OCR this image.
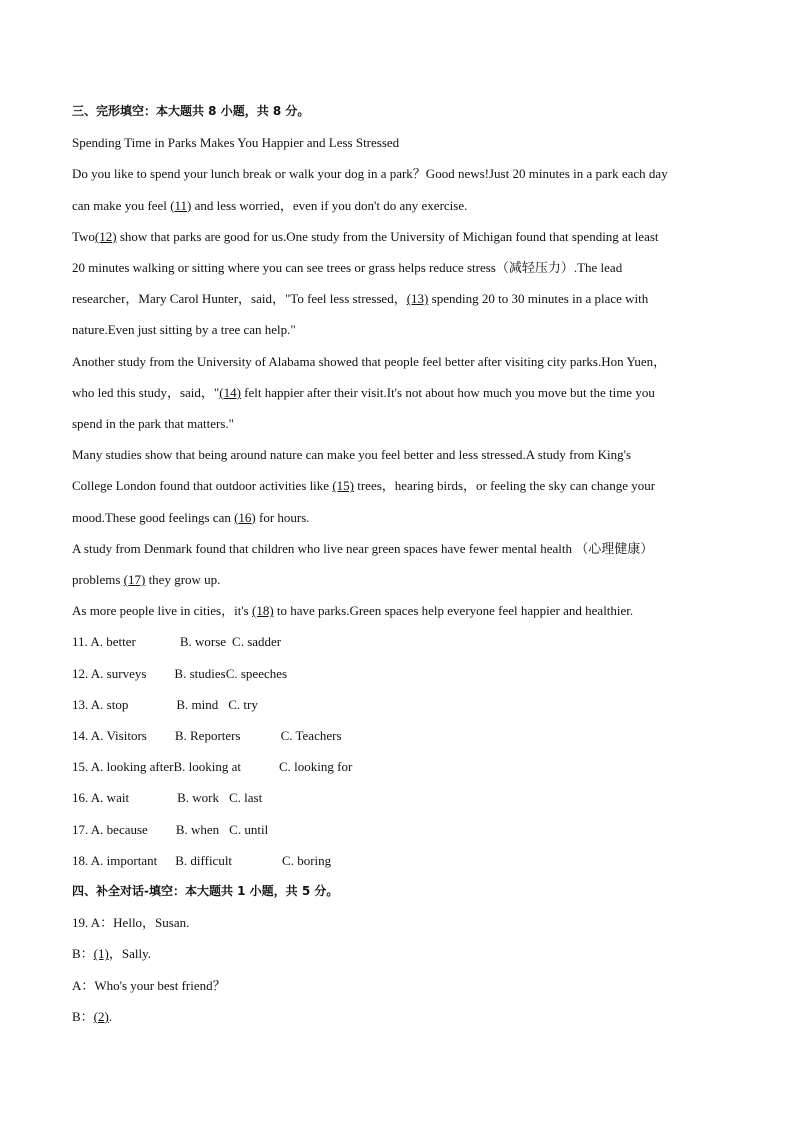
三、完形填空：本大题共 8 小题，共 8 分。
Spending Time in Parks Makes You Happier and Less Stressed
Do you like to spend your lunch break or walk your dog in a park？Good news!Just 20 minutes in a park each day
can make you feel (11) and less worried，even if you don't do any exercise.
Two(12) show that parks are good for us.One study from the University of Michigan found that spending at least
20 minutes walking or sitting where you can see trees or grass helps reduce stress（减轻压力）.The lead
researcher，Mary Carol Hunter，said，"To feel less stressed，(13) spending 20 to 30 minutes in a place with
nature.Even just sitting by a tree can help."
Another study from the University of Alabama showed that people feel better after visiting city parks.Hon Yuen，
who led this study，said，"(14) felt happier after their visit.It's not about how much you move but the time you
spend in the park that matters."
Many studies show that being around nature can make you feel better and less stressed.A study from King's
College London found that outdoor activities like (15) trees，hearing birds，or feeling the sky can change your
mood.These good feelings can (16) for hours.
A study from Denmark found that children who live near green spaces have fewer mental health （心理健康）
problems (17) they grow up.
As more people live in cities，it's (18) to have parks.Green spaces help everyone feel happier and healthier.
11. A. better	B. worse C. sadder
12. A. surveys B. studiesC. speeches
13. A. stop	B. mind C. try
14. A. Visitors B. Reporters	C. Teachers
15. A. looking afterB. looking at	C. looking for
16. A. wait	B. work C. last
17. A. because B. when C. until
18. A. important B. difficult	C. boring
四、补全对话-填空：本大题共 1 小题，共 5 分。
19. A：Hello，Susan.
B：(1)，Sally.
A：Who's your best friend？
B：(2).
